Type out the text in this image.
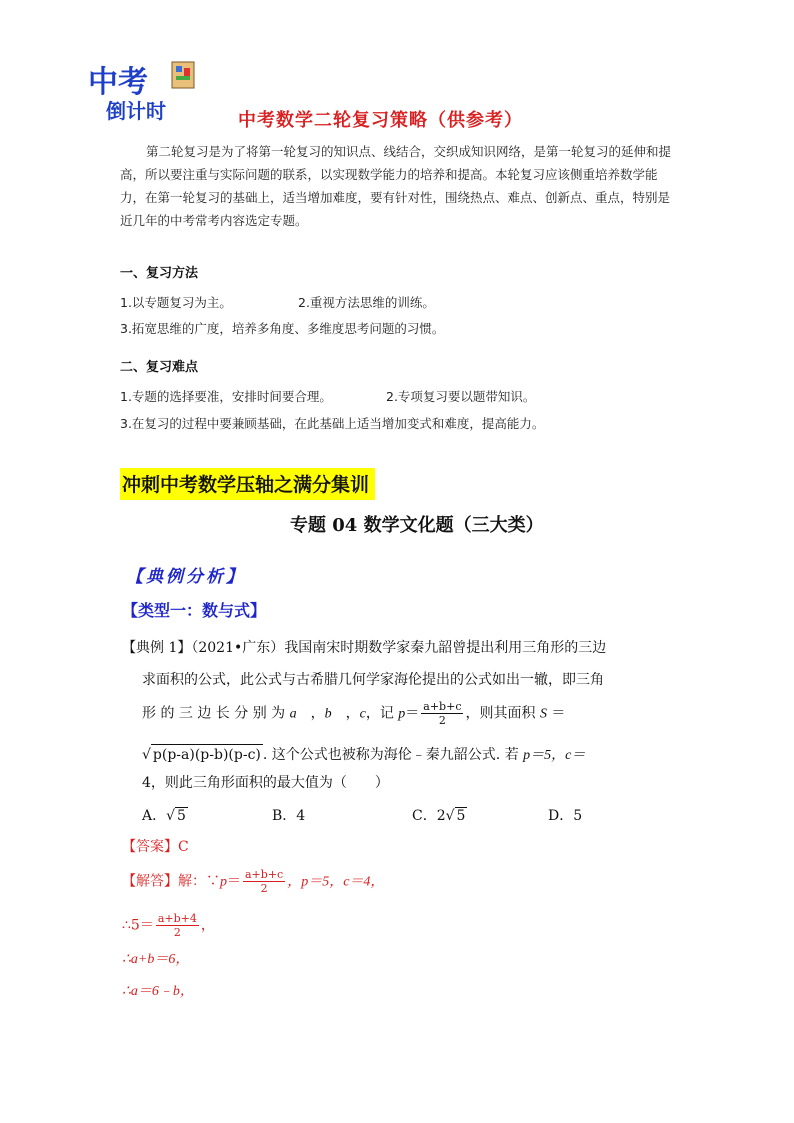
中考
倒计时	中考数学二轮复习策略（供参考）
第二轮复习是为了将第一轮复习的知识点、线结合，交织成知识网络，是第一轮复习的延伸和提高，所以要注重与实际问题的联系，以实现数学能力的培养和提高。本轮复习应该侧重培养数学能力，在第一轮复习的基础上，适当增加难度，要有针对性，围绕热点、难点、创新点、重点，特别是近几年的中考常考内容选定专题。
一、复习方法
1.以专题复习为主。	2.重视方法思维的训练。
3.拓宽思维的广度，培养多角度、多维度思考问题的习惯。
二、复习难点
1.专题的选择要准，安排时间要合理。	2.专项复习要以题带知识。
3.在复习的过程中要兼顾基础，在此基础上适当增加变式和难度，提高能力。
冲刺中考数学压轴之满分集训
专题 04 数学文化题（三大类）
【典例分析】
【类型一：数与式】
【典例 1】（2021•广东）我国南宋时期数学家秦九韶曾提出利用三角形的三边
求面积的公式，此公式与古希腊几何学家海伦提出的公式如出一辙，即三角
形 的 三 边 长 分 别 为 a　，b　，c，记 $p= \frac{a+b+c}{2}$ ，则其面积 S ＝
√ p(p-a)(p-b)(p-c) . 这个公式也被称为海伦﹣秦九韶公式. 若 p＝5，c＝
4，则此三角形面积的最大值为（　　）
A．√ 5	B．4	C．2√ 5	D．5
【答案】C
【解答】解：∵p＝ $\frac{a+b+c}{2}$ ，p＝5，c＝4，
∴5＝ $\frac{a+b+4}{2}$ ，
∴a+b＝6，
∴a＝6﹣b，
